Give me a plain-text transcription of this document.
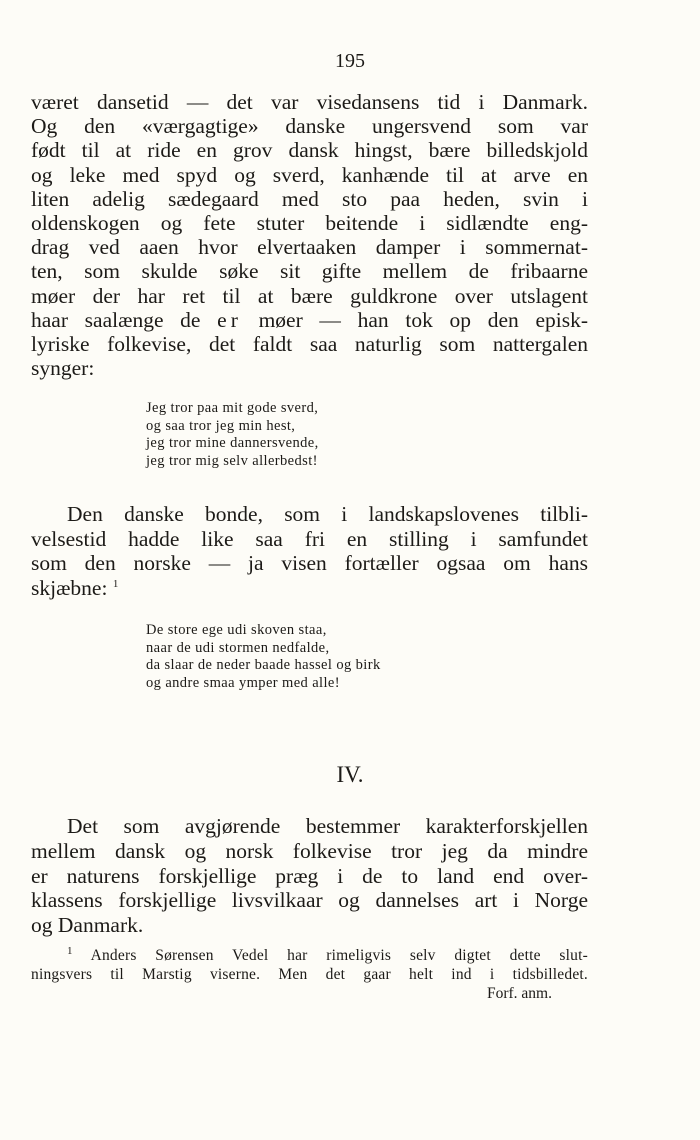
195
været dansetid — det var visedansens tid i Danmark.
Og den «værgagtige» danske ungersvend som var
født til at ride en grov dansk hingst, bære billedskjold
og leke med spyd og sverd, kanhænde til at arve en
liten adelig sædegaard med sto paa heden, svin i
oldenskogen og fete stuter beitende i sidlændte eng-
drag ved aaen hvor elvertaaken damper i sommernat-
ten, som skulde søke sit gifte mellem de fribaarne
møer der har ret til at bære guldkrone over utslagent
haar saalænge de er møer — han tok op den episk-
lyriske folkevise, det faldt saa naturlig som nattergalen
synger:
Jeg tror paa mit gode sverd,
og saa tror jeg min hest,
jeg tror mine dannersvende,
jeg tror mig selv allerbedst!
Den danske bonde, som i landskapslovenes tilbli-
velsestid hadde like saa fri en stilling i samfundet
som den norske — ja visen fortæller ogsaa om hans
skjæbne: $^1$
De store ege udi skoven staa,
naar de udi stormen nedfalde,
da slaar de neder baade hassel og birk
og andre smaa ymper med alle!
IV.
Det som avgjørende bestemmer karakterforskjellen
mellem dansk og norsk folkevise tror jeg da mindre
er naturens forskjellige præg i de to land end over-
klassens forskjellige livsvilkaar og dannelses art i Norge
og Danmark.
$^1$ Anders Sørensen Vedel har rimeligvis selv digtet dette slut-
ningsvers til Marstig viserne. Men det gaar helt ind i tidsbilledet.
Forf. anm.
